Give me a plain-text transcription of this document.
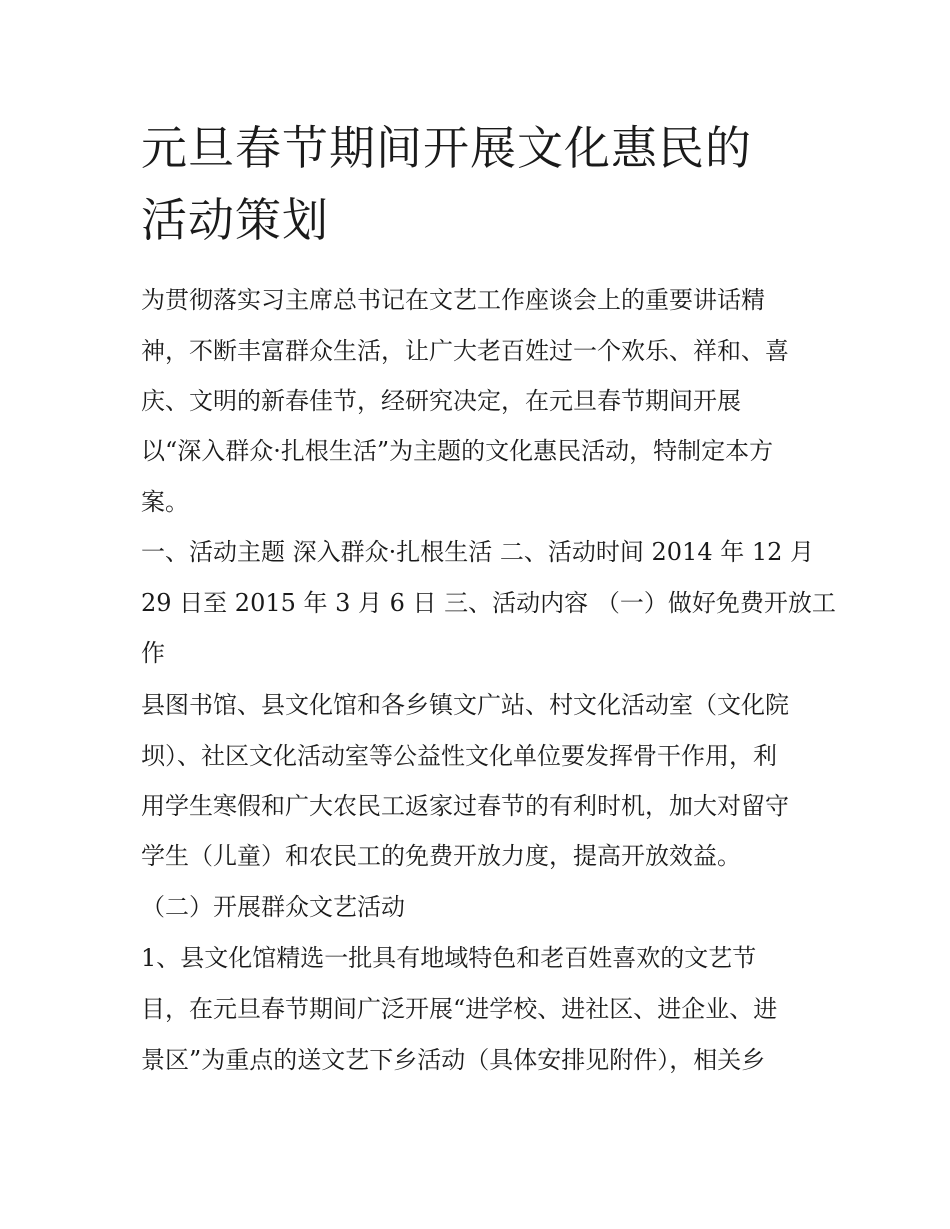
元旦春节期间开展文化惠民的
活动策划

为贯彻落实习主席总书记在文艺工作座谈会上的重要讲话精

神，不断丰富群众生活，让广大老百姓过一个欢乐、祥和、喜

庆、文明的新春佳节，经研究决定，在元旦春节期间开展

以“深入群众·扎根生活”为主题的文化惠民活动，特制定本方

案。

一、活动主题 深入群众·扎根生活 二、活动时间 2014 年 12 月

29 日至 2015 年 3 月 6 日 三、活动内容 （一）做好免费开放工

作

县图书馆、县文化馆和各乡镇文广站、村文化活动室（文化院

坝）、社区文化活动室等公益性文化单位要发挥骨干作用，利

用学生寒假和广大农民工返家过春节的有利时机，加大对留守

学生（儿童）和农民工的免费开放力度，提高开放效益。

（二）开展群众文艺活动

1、县文化馆精选一批具有地域特色和老百姓喜欢的文艺节

目，在元旦春节期间广泛开展“进学校、进社区、进企业、进

景区”为重点的送文艺下乡活动（具体安排见附件），相关乡
